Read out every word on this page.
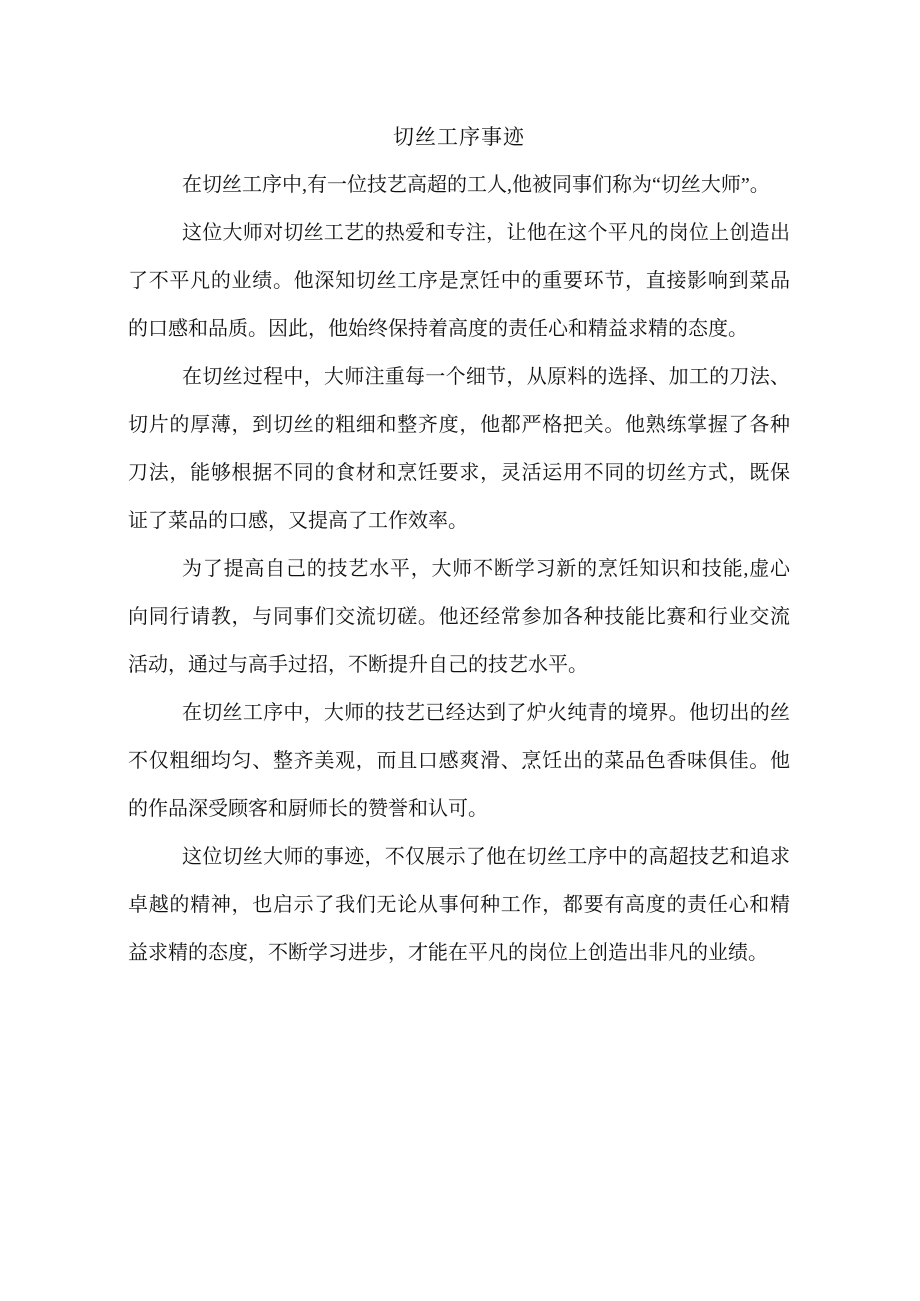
切丝工序事迹
在切丝工序中,有一位技艺高超的工人,他被同事们称为“切丝大师”。
这位大师对切丝工艺的热爱和专注，让他在这个平凡的岗位上创造出
了不平凡的业绩。他深知切丝工序是烹饪中的重要环节，直接影响到菜品
的口感和品质。因此，他始终保持着高度的责任心和精益求精的态度。
在切丝过程中，大师注重每一个细节，从原料的选择、加工的刀法、
切片的厚薄，到切丝的粗细和整齐度，他都严格把关。他熟练掌握了各种
刀法，能够根据不同的食材和烹饪要求，灵活运用不同的切丝方式，既保
证了菜品的口感，又提高了工作效率。
为了提高自己的技艺水平，大师不断学习新的烹饪知识和技能,虚心
向同行请教，与同事们交流切磋。他还经常参加各种技能比赛和行业交流
活动，通过与高手过招，不断提升自己的技艺水平。
在切丝工序中，大师的技艺已经达到了炉火纯青的境界。他切出的丝
不仅粗细均匀、整齐美观，而且口感爽滑、烹饪出的菜品色香味俱佳。他
的作品深受顾客和厨师长的赞誉和认可。
这位切丝大师的事迹，不仅展示了他在切丝工序中的高超技艺和追求
卓越的精神，也启示了我们无论从事何种工作，都要有高度的责任心和精
益求精的态度，不断学习进步，才能在平凡的岗位上创造出非凡的业绩。
